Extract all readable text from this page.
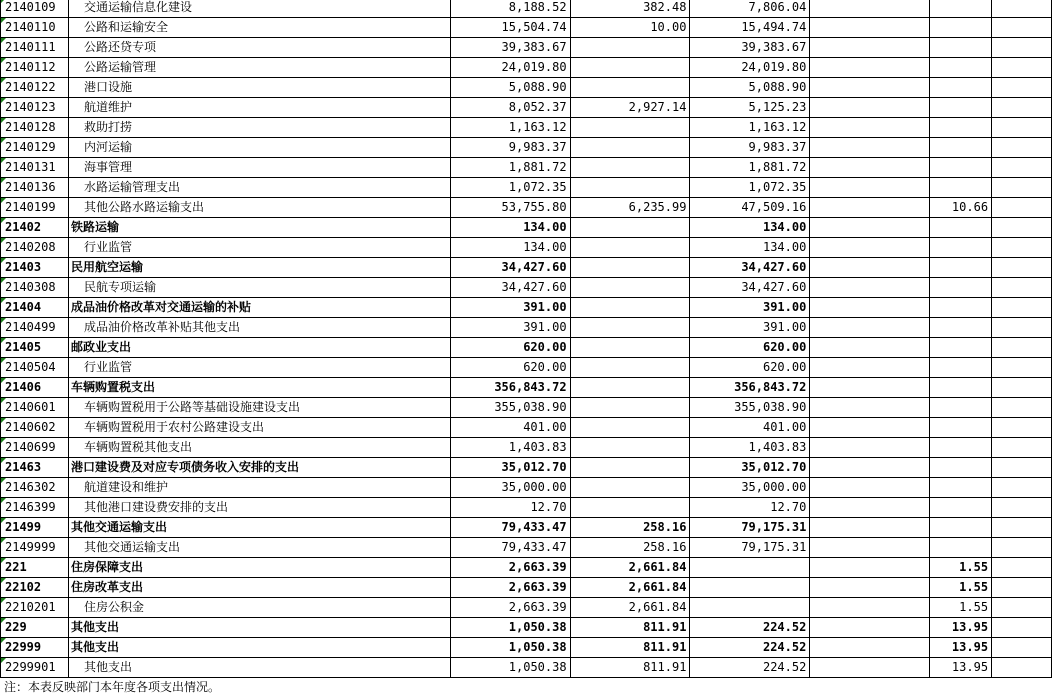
2140109	交通运输信息化建设	8,188.52	382.48	7,806.04			
2140110	公路和运输安全	15,504.74	10.00	15,494.74			
2140111	公路还贷专项	39,383.67		39,383.67			
2140112	公路运输管理	24,019.80		24,019.80			
2140122	港口设施	5,088.90		5,088.90			
2140123	航道维护	8,052.37	2,927.14	5,125.23			
2140128	救助打捞	1,163.12		1,163.12			
2140129	内河运输	9,983.37		9,983.37			
2140131	海事管理	1,881.72		1,881.72			
2140136	水路运输管理支出	1,072.35		1,072.35			
2140199	其他公路水路运输支出	53,755.80	6,235.99	47,509.16		10.66	
21402	铁路运输	134.00		134.00			
2140208	行业监管	134.00		134.00			
21403	民用航空运输	34,427.60		34,427.60			
2140308	民航专项运输	34,427.60		34,427.60			
21404	成品油价格改革对交通运输的补贴	391.00		391.00			
2140499	成品油价格改革补贴其他支出	391.00		391.00			
21405	邮政业支出	620.00		620.00			
2140504	行业监管	620.00		620.00			
21406	车辆购置税支出	356,843.72		356,843.72			
2140601	车辆购置税用于公路等基础设施建设支出	355,038.90		355,038.90			
2140602	车辆购置税用于农村公路建设支出	401.00		401.00			
2140699	车辆购置税其他支出	1,403.83		1,403.83			
21463	港口建设费及对应专项债务收入安排的支出	35,012.70		35,012.70			
2146302	航道建设和维护	35,000.00		35,000.00			
2146399	其他港口建设费安排的支出	12.70		12.70			
21499	其他交通运输支出	79,433.47	258.16	79,175.31			
2149999	其他交通运输支出	79,433.47	258.16	79,175.31			
221	住房保障支出	2,663.39	2,661.84			1.55	
22102	住房改革支出	2,663.39	2,661.84			1.55	
2210201	住房公积金	2,663.39	2,661.84			1.55	
229	其他支出	1,050.38	811.91	224.52		13.95	
22999	其他支出	1,050.38	811.91	224.52		13.95	
2299901	其他支出	1,050.38	811.91	224.52		13.95	
注：本表反映部门本年度各项支出情况。
